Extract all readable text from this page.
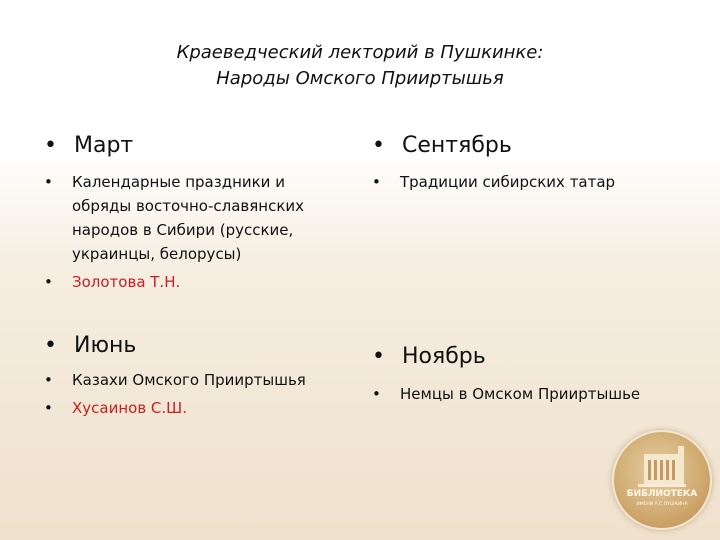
Краеведческий лекторий в Пушкинке:
Народы Омского Прииртышья
• Март
•	Календарные праздники и обряды восточно-славянских народов в Сибири (русские, украинцы, белорусы)
• Золотова Т.Н.
• Июнь
• Казахи Омского Прииртышья
• Хусаинов С.Ш.
• Сентябрь
• Традиции сибирских татар
• Ноябрь
• Немцы в Омском Прииртышье
БИБЛИОТЕКА
ИМЕНИ А.С.ПУШКИНА
